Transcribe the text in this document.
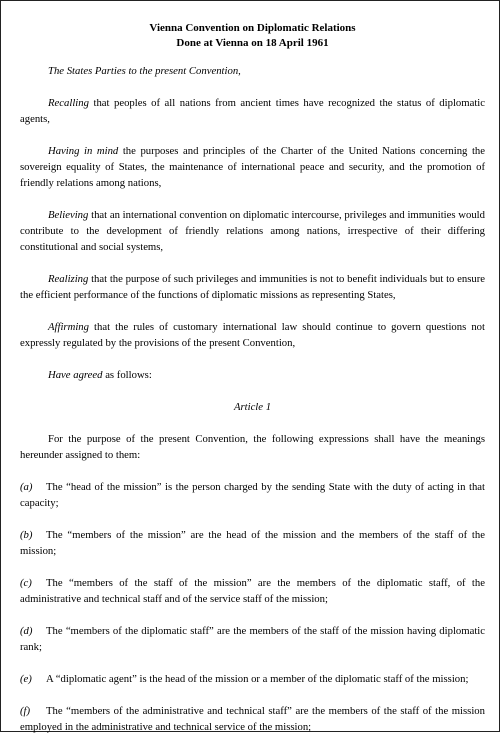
Vienna Convention on Diplomatic Relations
Done at Vienna on 18 April 1961

The States Parties to the present Convention,

Recalling that peoples of all nations from ancient times have recognized the status of diplomatic agents,

Having in mind the purposes and principles of the Charter of the United Nations concerning the sovereign equality of States, the maintenance of international peace and security, and the promotion of friendly relations among nations,

Believing that an international convention on diplomatic intercourse, privileges and immunities would contribute to the development of friendly relations among nations, irrespective of their differing constitutional and social systems,

Realizing that the purpose of such privileges and immunities is not to benefit individuals but to ensure the efficient performance of the functions of diplomatic missions as representing States,

Affirming that the rules of customary international law should continue to govern questions not expressly regulated by the provisions of the present Convention,

Have agreed as follows:

Article 1

For the purpose of the present Convention, the following expressions shall have the meanings hereunder assigned to them:

(a) The “head of the mission” is the person charged by the sending State with the duty of acting in that capacity;
(b) The “members of the mission” are the head of the mission and the members of the staff of the mission;
(c) The “members of the staff of the mission” are the members of the diplomatic staff, of the administrative and technical staff and of the service staff of the mission;
(d) The “members of the diplomatic staff” are the members of the staff of the mission having diplomatic rank;
(e) A “diplomatic agent” is the head of the mission or a member of the diplomatic staff of the mission;
(f) The “members of the administrative and technical staff” are the members of the staff of the mission employed in the administrative and technical service of the mission;
